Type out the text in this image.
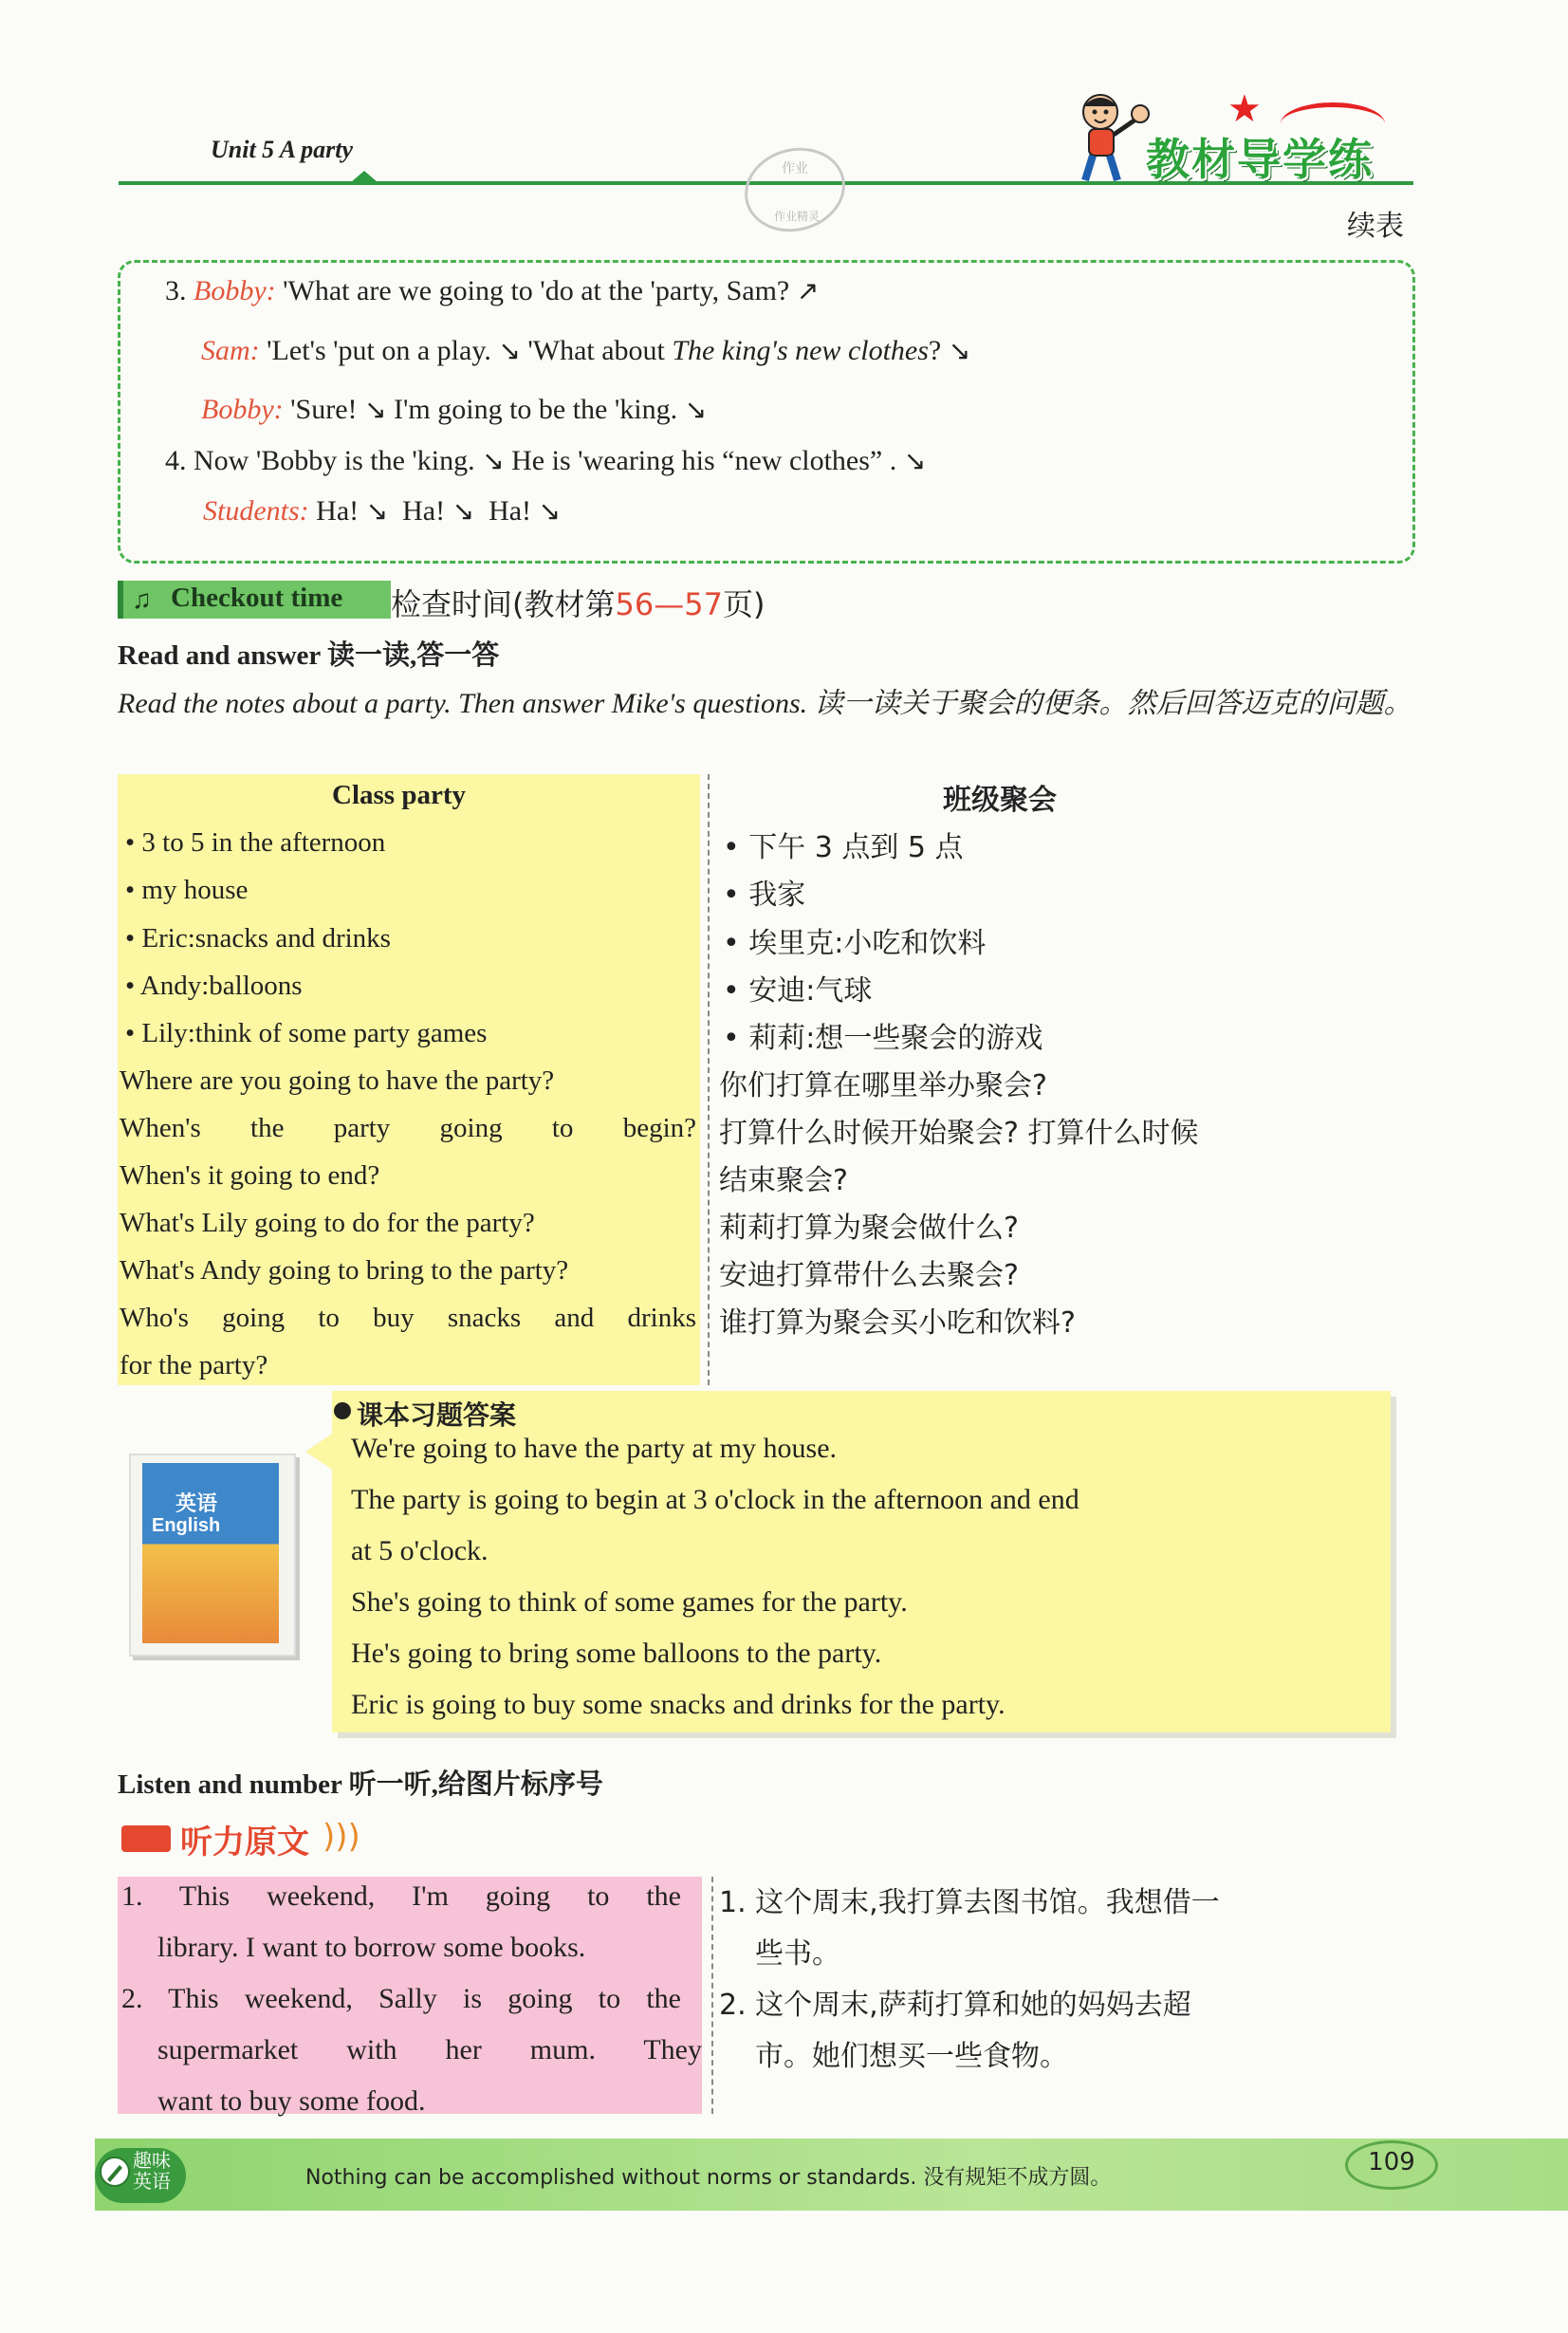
Unit 5 A party
作业
作业精灵
★
教材导学练
续表
3. Bobby: 'What are we going to 'do at the 'party, Sam? ↗
Sam: 'Let's 'put on a play. ↘ 'What about The king's new clothes? ↘
Bobby: 'Sure! ↘ I'm going to be the 'king. ↘
4. Now 'Bobby is the 'king. ↘ He is 'wearing his “new clothes” . ↘
Students: Ha! ↘ Ha! ↘ Ha! ↘
♫ Checkout time 检查时间(教材第56—57页)
Read and answer 读一读,答一答
Read the notes about a party. Then answer Mike's questions. 读一读关于聚会的便条。然后回答迈克的问题。
Class party
• 3 to 5 in the afternoon
• my house
• Eric:snacks and drinks
• Andy:balloons
• Lily:think of some party games
Where are you going to have the party?
When's the party going to begin?
When's it going to end?
What's Lily going to do for the party?
What's Andy going to bring to the party?
Who's going to buy snacks and drinks
for the party?
班级聚会
• 下午 3 点到 5 点
• 我家
• 埃里克:小吃和饮料
• 安迪:气球
• 莉莉:想一些聚会的游戏
你们打算在哪里举办聚会?
打算什么时候开始聚会? 打算什么时候
结束聚会?
莉莉打算为聚会做什么?
安迪打算带什么去聚会?
谁打算为聚会买小吃和饮料?
英语
English
课本习题答案
We're going to have the party at my house.
The party is going to begin at 3 o'clock in the afternoon and end
at 5 o'clock.
She's going to think of some games for the party.
He's going to bring some balloons to the party.
Eric is going to buy some snacks and drinks for the party.
Listen and number 听一听,给图片标序号
听力原文 )))
1. This weekend, I'm going to the
library. I want to borrow some books.
2. This weekend, Sally is going to the
supermarket with her mum. They
want to buy some food.
1. 这个周末,我打算去图书馆。我想借一
些书。
2. 这个周末,萨莉打算和她的妈妈去超
市。她们想买一些食物。
趣味
英语	Nothing can be accomplished without norms or standards. 没有规矩不成方圆。
109
